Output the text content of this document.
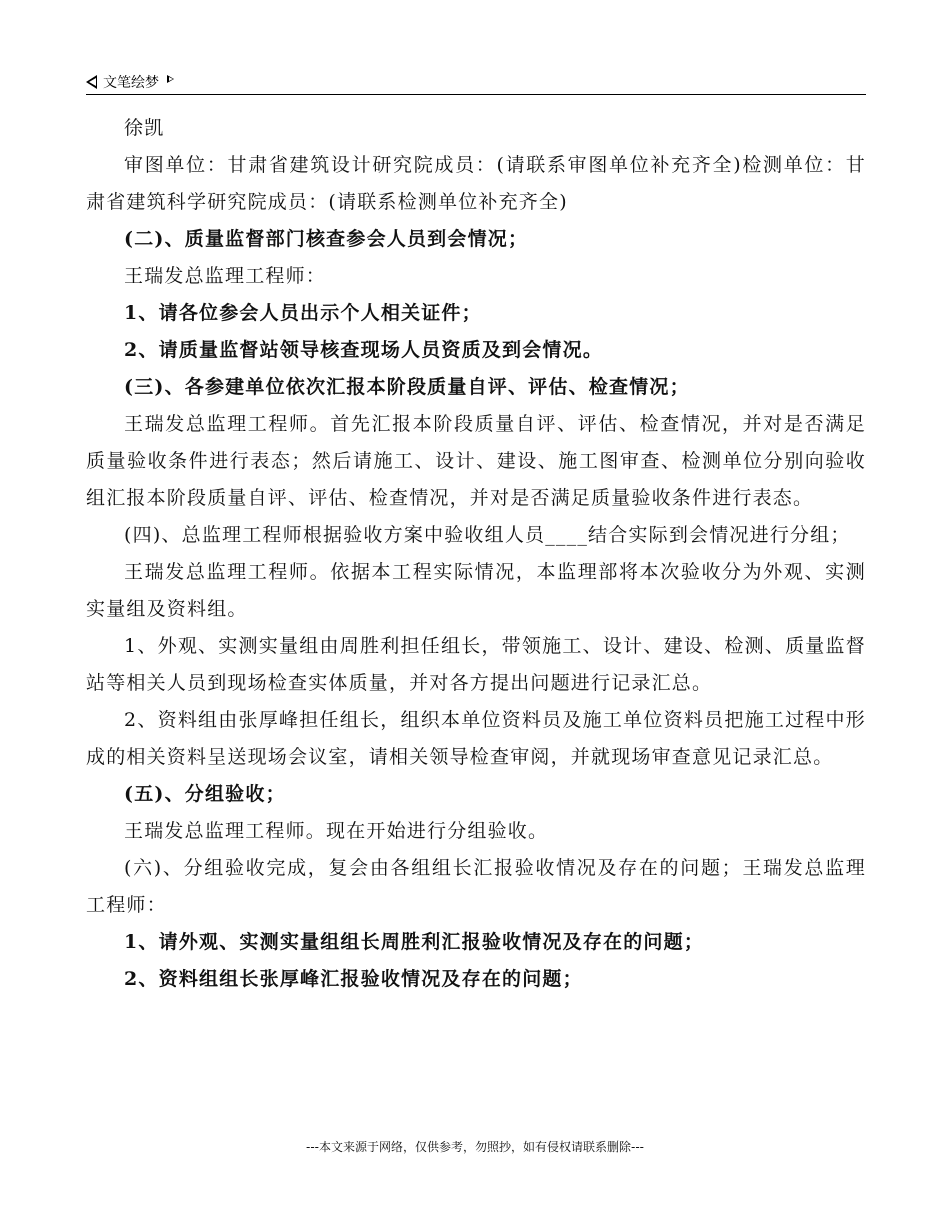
文笔绘梦

徐凯

审图单位：甘肃省建筑设计研究院成员：(请联系审图单位补充齐全)检测单位：甘肃省建筑科学研究院成员：(请联系检测单位补充齐全)

(二)、质量监督部门核查参会人员到会情况；

王瑞发总监理工程师：

1、请各位参会人员出示个人相关证件；

2、请质量监督站领导核查现场人员资质及到会情况。

(三)、各参建单位依次汇报本阶段质量自评、评估、检查情况；

王瑞发总监理工程师。首先汇报本阶段质量自评、评估、检查情况，并对是否满足质量验收条件进行表态；然后请施工、设计、建设、施工图审查、检测单位分别向验收组汇报本阶段质量自评、评估、检查情况，并对是否满足质量验收条件进行表态。

(四)、总监理工程师根据验收方案中验收组人员____结合实际到会情况进行分组；

王瑞发总监理工程师。依据本工程实际情况，本监理部将本次验收分为外观、实测实量组及资料组。

1、外观、实测实量组由周胜利担任组长，带领施工、设计、建设、检测、质量监督站等相关人员到现场检查实体质量，并对各方提出问题进行记录汇总。

2、资料组由张厚峰担任组长，组织本单位资料员及施工单位资料员把施工过程中形成的相关资料呈送现场会议室，请相关领导检查审阅，并就现场审查意见记录汇总。

(五)、分组验收；

王瑞发总监理工程师。现在开始进行分组验收。

(六)、分组验收完成，复会由各组组长汇报验收情况及存在的问题；王瑞发总监理工程师：

1、请外观、实测实量组组长周胜利汇报验收情况及存在的问题；

2、资料组组长张厚峰汇报验收情况及存在的问题；

---本文来源于网络，仅供参考，勿照抄，如有侵权请联系删除---
